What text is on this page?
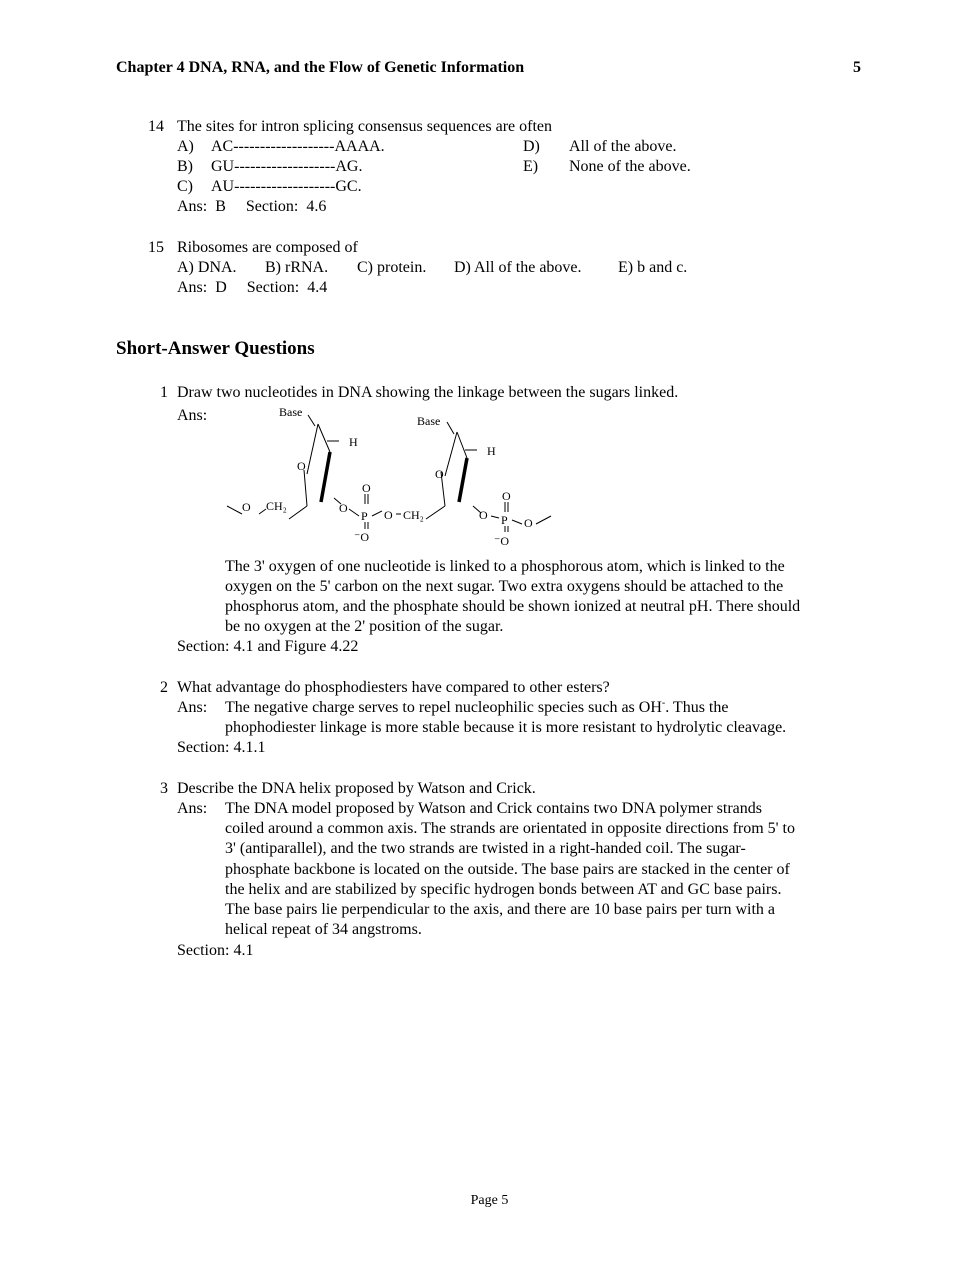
Chapter 4 DNA, RNA, and the Flow of Genetic Information	5
14 The sites for intron splicing consensus sequences are often
A) AC-------------------AAAA.
B) GU-------------------AG.
C) AU-------------------GC.
D) All of the above.
E) None of the above.
Ans:  B     Section:  4.6
15 Ribosomes are composed of
A) DNA. B) rRNA. C) protein. D) All of the above. E) b and c.
Ans:  D     Section:  4.4
Short-Answer Questions
1 Draw two nucleotides in DNA showing the linkage between the sugars linked.
Ans:	Base
Base
H
H
O
O
O CH₂	O
O
P
⁻O
O CH₂	O
O
P
⁻O
O
The 3' oxygen of one nucleotide is linked to a phosphorous atom, which is linked to the
oxygen on the 5' carbon on the next sugar. Two extra oxygens should be attached to the
phosphorus atom, and the phosphate should be shown ionized at neutral pH. There should
be no oxygen at the 2' position of the sugar.
Section: 4.1 and Figure 4.22
2 What advantage do phosphodiesters have compared to other esters?
Ans: The negative charge serves to repel nucleophilic species such as OH-. Thus the
phophodiester linkage is more stable because it is more resistant to hydrolytic cleavage.
Section: 4.1.1
3 Describe the DNA helix proposed by Watson and Crick.
Ans: The DNA model proposed by Watson and Crick contains two DNA polymer strands
coiled around a common axis. The strands are orientated in opposite directions from 5' to
3' (antiparallel), and the two strands are twisted in a right-handed coil. The sugar-
phosphate backbone is located on the outside. The base pairs are stacked in the center of
the helix and are stabilized by specific hydrogen bonds between AT and GC base pairs.
The base pairs lie perpendicular to the axis, and there are 10 base pairs per turn with a
helical repeat of 34 angstroms.
Section: 4.1
Page 5
